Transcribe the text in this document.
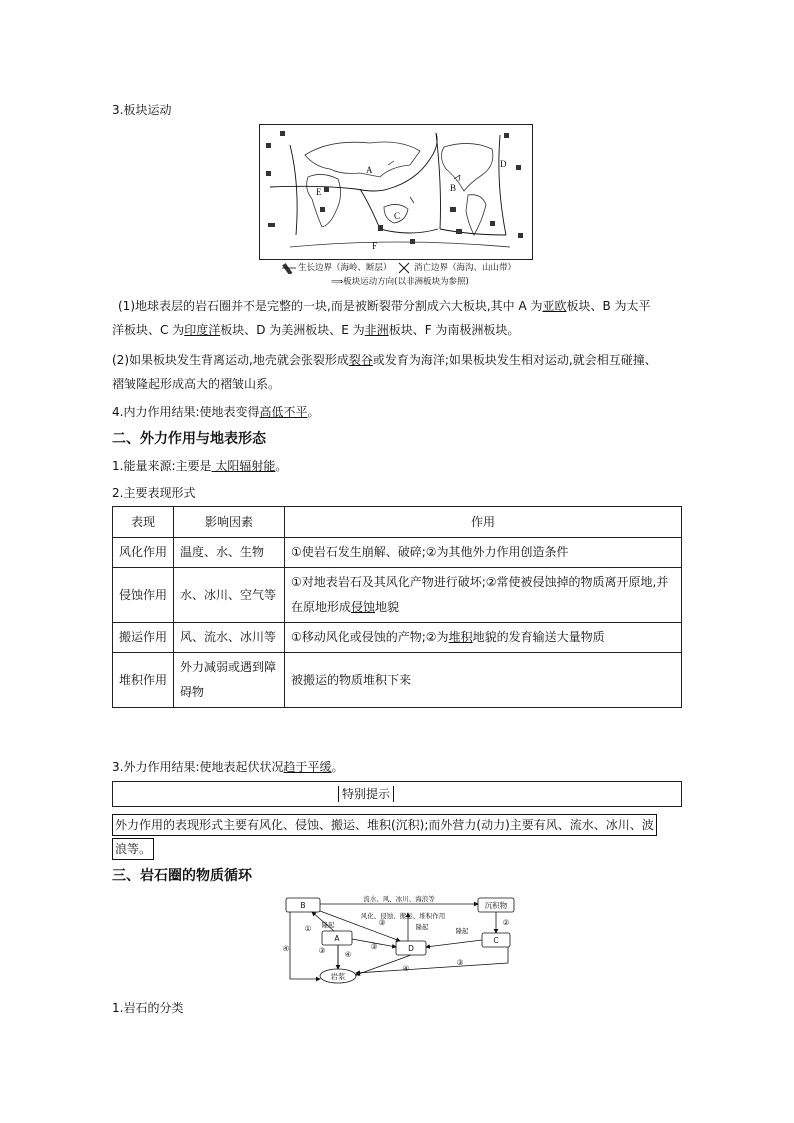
3.板块运动
A
B
C
D
E
F
生长边界（海岭、断层）	消亡边界（海沟、山山带）
⟹板块运动方向(以非洲板块为参照)
(1)地球表层的岩石圈并不是完整的一块,而是被断裂带分割成六大板块,其中 A 为亚欧板块、B 为太平
洋板块、C 为印度洋板块、D 为美洲板块、E 为非洲板块、F 为南极洲板块。
(2)如果板块发生背离运动,地壳就会张裂形成裂谷或发育为海洋;如果板块发生相对运动,就会相互碰撞、
褶皱隆起形成高大的褶皱山系。
4.内力作用结果:使地表变得高低不平。
二、外力作用与地表形态
1.能量来源:主要是 太阳辐射能。
2.主要表现形式
表现	影响因素	作用
风化作用	温度、水、生物	①使岩石发生崩解、破碎;②为其他外力作用创造条件
侵蚀作用	水、冰川、空气等	①对地表岩石及其风化产物进行破坏;②常使被侵蚀掉的物质离开原地,并在原地形成侵蚀地貌
搬运作用	风、流水、冰川等	①移动风化或侵蚀的产物;②为堆积地貌的发育输送大量物质
堆积作用	外力减弱或遇到障碍物	被搬运的物质堆积下来
3.外力作用结果:使地表起伏状况趋于平缓。
特别提示
外力作用的表现形式主要有风化、侵蚀、搬运、堆积(沉积);而外营力(动力)主要有风、流水、冰川、波
浪等。
三、岩石圈的物质循环
B
A
D
C
沉积物
岩浆
流水、风、冰川、海浪等
风化、侵蚀、搬运、堆积作用
隆起	隆起	隆起
①
②
③
③
③
③
④
④
④
1.岩石的分类
